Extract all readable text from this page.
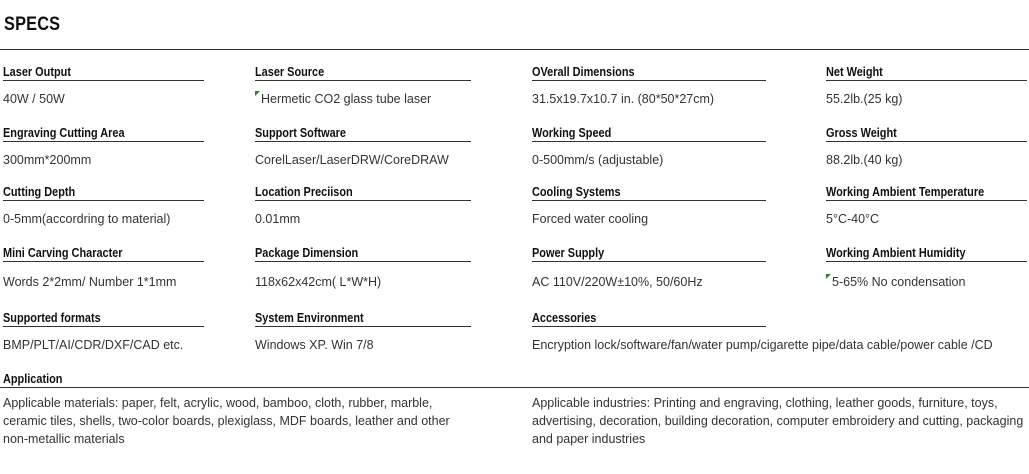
SPECS
Laser Output
40W / 50W
Laser Source
Hermetic CO2 glass tube laser
OVerall Dimensions
31.5x19.7x10.7 in. (80*50*27cm)
Net Weight
55.2lb.(25 kg)
Engraving Cutting Area
300mm*200mm
Support Software
CorelLaser/LaserDRW/CoreDRAW
Working Speed
0-500mm/s (adjustable)
Gross Weight
88.2lb.(40 kg)
Cutting Depth
0-5mm(accordring to material)
Location Preciison
0.01mm
Cooling Systems
Forced water cooling
Working Ambient Temperature
5°C-40°C
Mini Carving Character
Words 2*2mm/ Number 1*1mm
Package Dimension
118x62x42cm( L*W*H)
Power Supply
AC 110V/220W±10%, 50/60Hz
Working Ambient Humidity
5-65% No condensation
Supported formats
BMP/PLT/AI/CDR/DXF/CAD etc.
System Environment
Windows XP. Win 7/8
Accessories
Encryption lock/software/fan/water pump/cigarette pipe/data cable/power cable /CD
Application
Applicable materials: paper, felt, acrylic, wood, bamboo, cloth, rubber, marble, ceramic tiles, shells, two-color boards, plexiglass, MDF boards, leather and other non-metallic materials
Applicable industries: Printing and engraving, clothing, leather goods, furniture, toys, advertising, decoration, building decoration, computer embroidery and cutting, packaging and paper industries
